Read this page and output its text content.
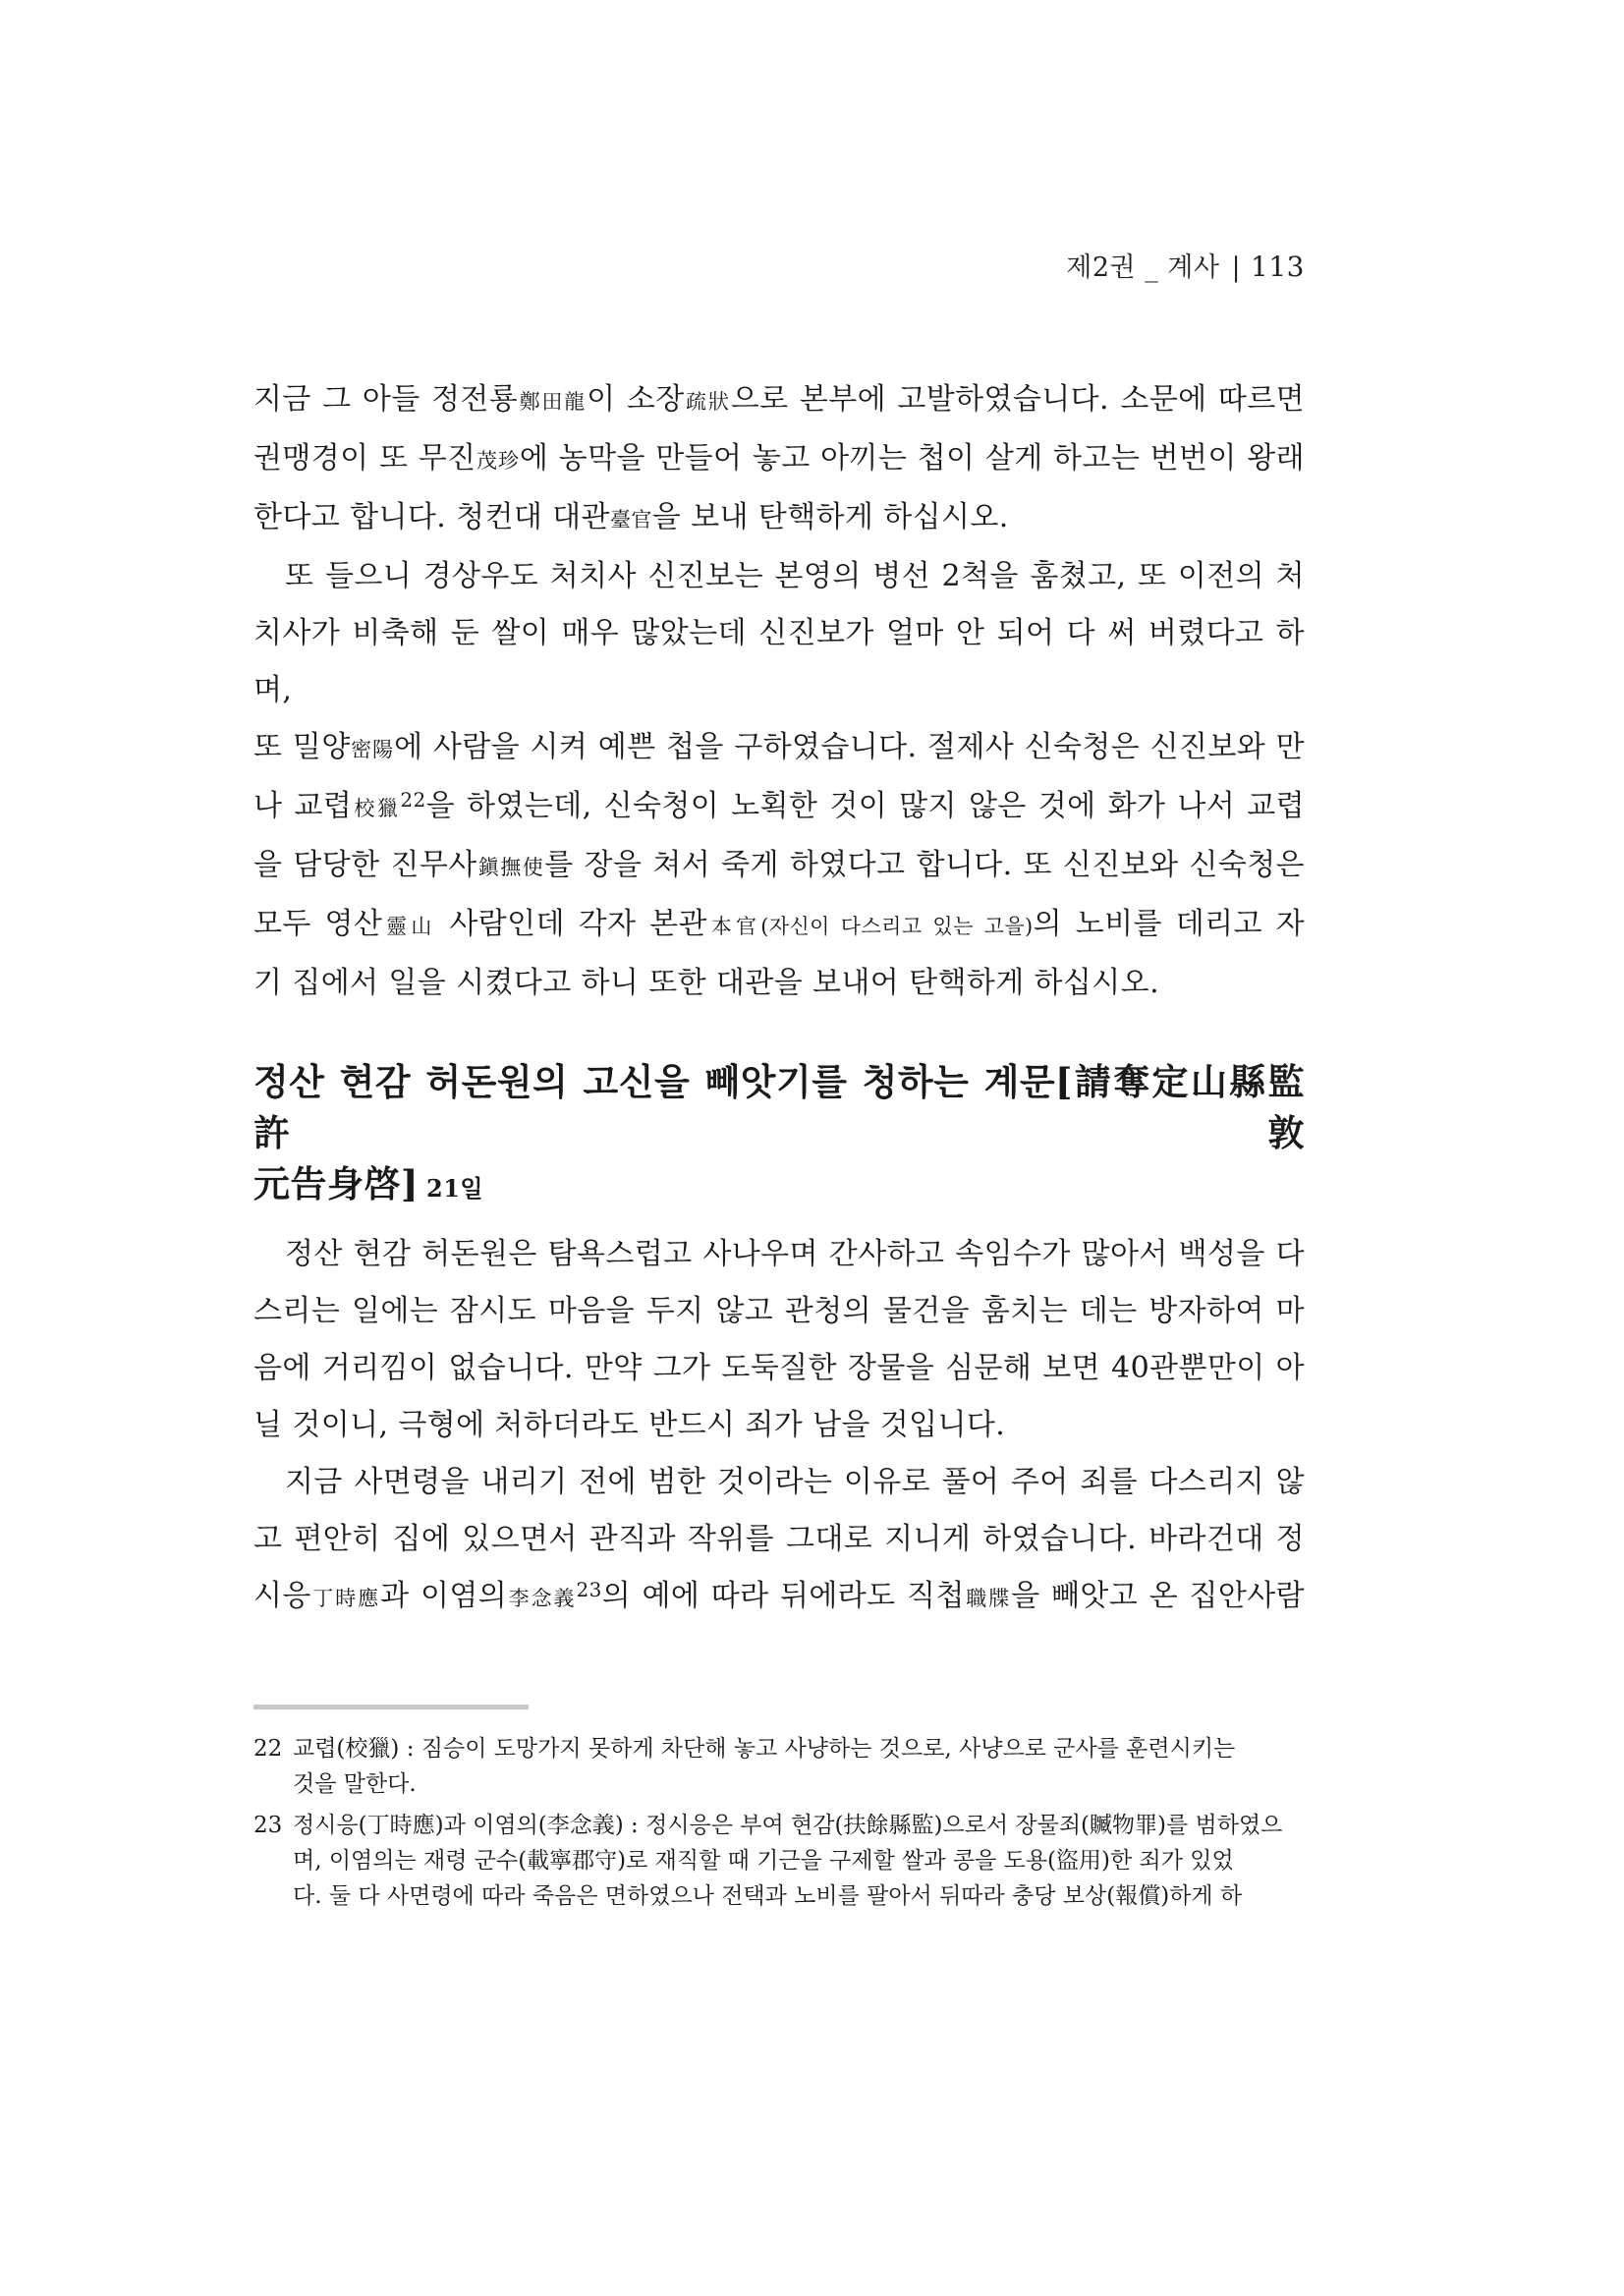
제2권 _ 계사 | 113

지금 그 아들 정전룡鄭田龍이 소장疏狀으로 본부에 고발하였습니다. 소문에 따르면

권맹경이 또 무진茂珍에 농막을 만들어 놓고 아끼는 첩이 살게 하고는 번번이 왕래

한다고 합니다. 청컨대 대관臺官을 보내 탄핵하게 하십시오.

또 들으니 경상우도 처치사 신진보는 본영의 병선 2척을 훔쳤고, 또 이전의 처

치사가 비축해 둔 쌀이 매우 많았는데 신진보가 얼마 안 되어 다 써 버렸다고 하며,

또 밀양密陽에 사람을 시켜 예쁜 첩을 구하였습니다. 절제사 신숙청은 신진보와 만

나 교렵校獵$^{22}$을 하였는데, 신숙청이 노획한 것이 많지 않은 것에 화가 나서 교렵

을 담당한 진무사鎭撫使를 장을 쳐서 죽게 하였다고 합니다. 또 신진보와 신숙청은

모두 영산靈山 사람인데 각자 본관本官(자신이 다스리고 있는 고을)의 노비를 데리고 자

기 집에서 일을 시켰다고 하니 또한 대관을 보내어 탄핵하게 하십시오.

정산 현감 허돈원의 고신을 빼앗기를 청하는 계문[請奪定山縣監許敦
元告身啓] 21일

정산 현감 허돈원은 탐욕스럽고 사나우며 간사하고 속임수가 많아서 백성을 다

스리는 일에는 잠시도 마음을 두지 않고 관청의 물건을 훔치는 데는 방자하여 마

음에 거리낌이 없습니다. 만약 그가 도둑질한 장물을 심문해 보면 40관뿐만이 아

닐 것이니, 극형에 처하더라도 반드시 죄가 남을 것입니다.

지금 사면령을 내리기 전에 범한 것이라는 이유로 풀어 주어 죄를 다스리지 않

고 편안히 집에 있으면서 관직과 작위를 그대로 지니게 하였습니다. 바라건대 정

시응丁時應과 이염의李念義$^{23}$의 예에 따라 뒤에라도 직첩職牒을 빼앗고 온 집안사람

22 교렵(校獵) : 짐승이 도망가지 못하게 차단해 놓고 사냥하는 것으로, 사냥으로 군사를 훈련시키는
것을 말한다.
23 정시응(丁時應)과 이염의(李念義) : 정시응은 부여 현감(扶餘縣監)으로서 장물죄(贓物罪)를 범하였으
며, 이염의는 재령 군수(載寧郡守)로 재직할 때 기근을 구제할 쌀과 콩을 도용(盜用)한 죄가 있었
다. 둘 다 사면령에 따라 죽음은 면하였으나 전택과 노비를 팔아서 뒤따라 충당 보상(報償)하게 하
